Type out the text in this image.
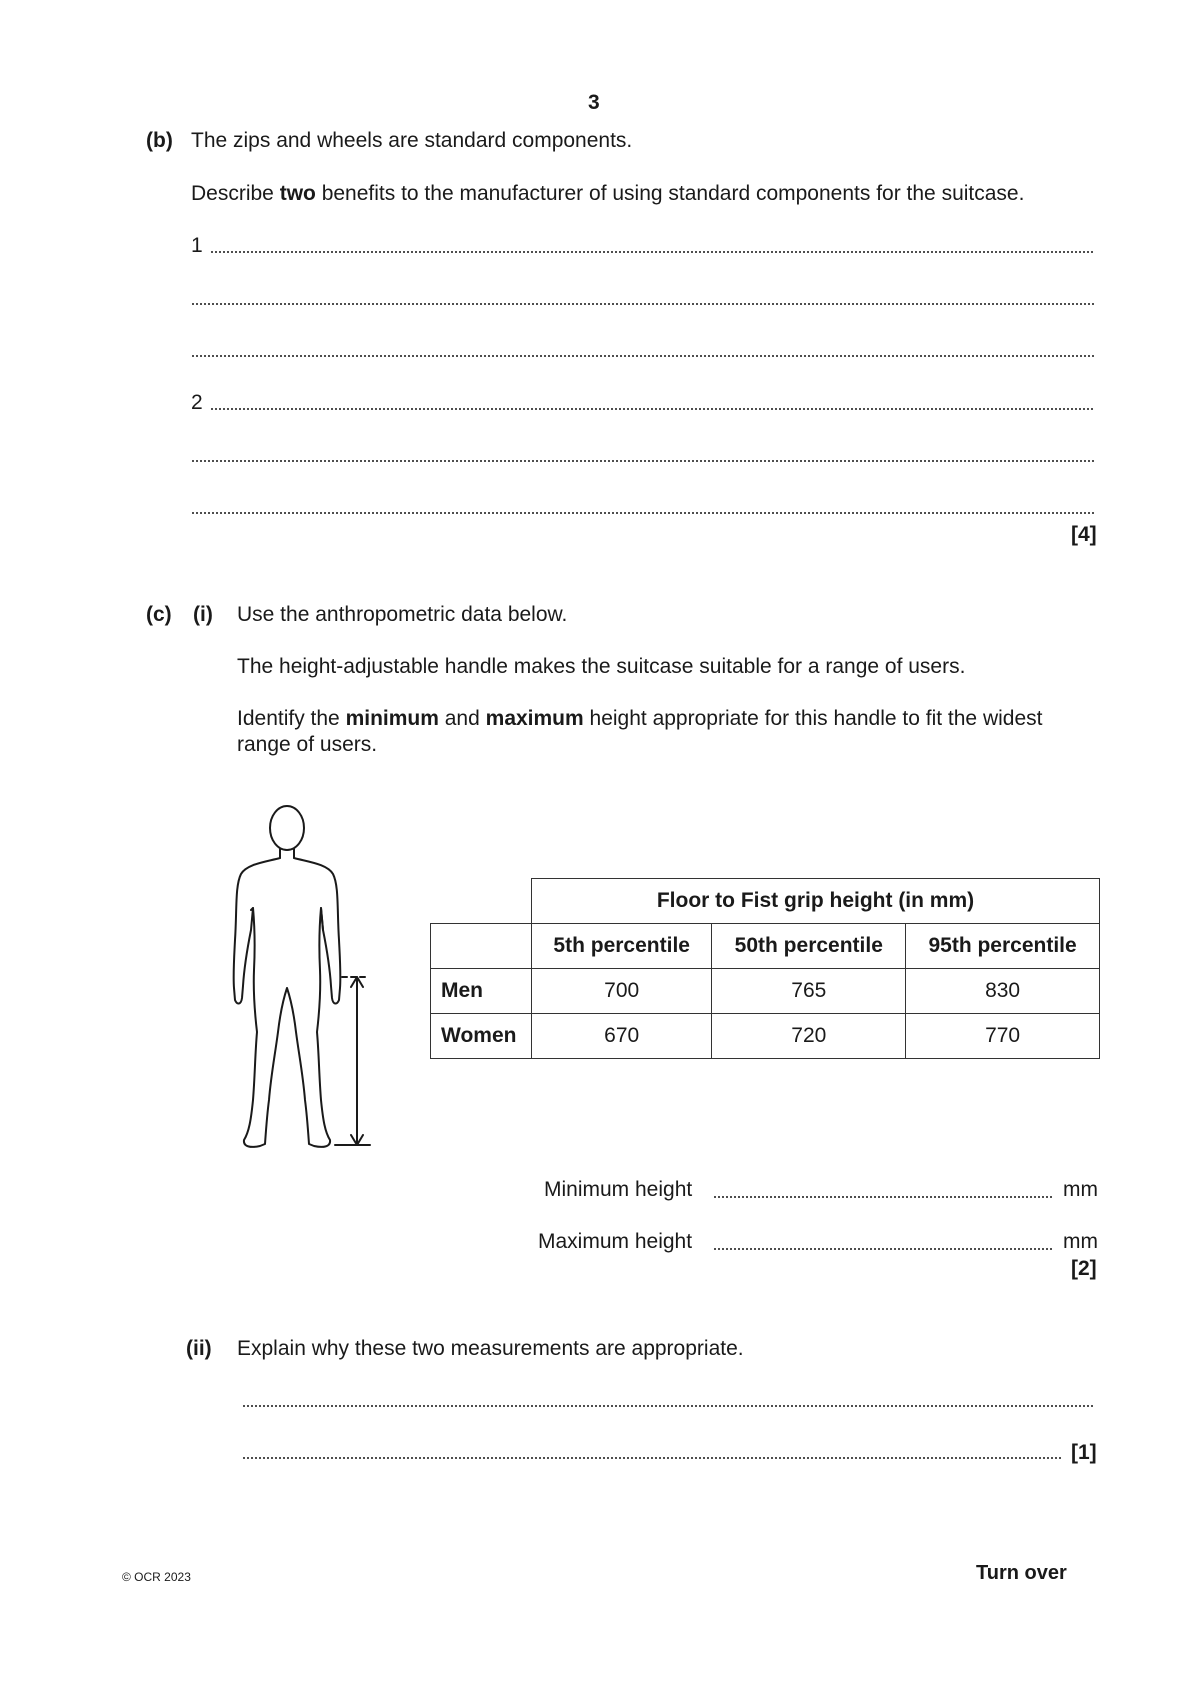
3
(b) The zips and wheels are standard components.
Describe two benefits to the manufacturer of using standard components for the suitcase.
1
2
[4]
(c) (i) Use the anthropometric data below.
The height-adjustable handle makes the suitcase suitable for a range of users.
Identify the minimum and maximum height appropriate for this handle to fit the widest range of users.
	Floor to Fist grip height (in mm)		
	5th percentile	50th percentile	95th percentile
Men	700	765	830
Women	670	720	770
Minimum height	mm
Maximum height	mm
[2]
(ii) Explain why these two measurements are appropriate.
[1]
© OCR 2023	Turn over
